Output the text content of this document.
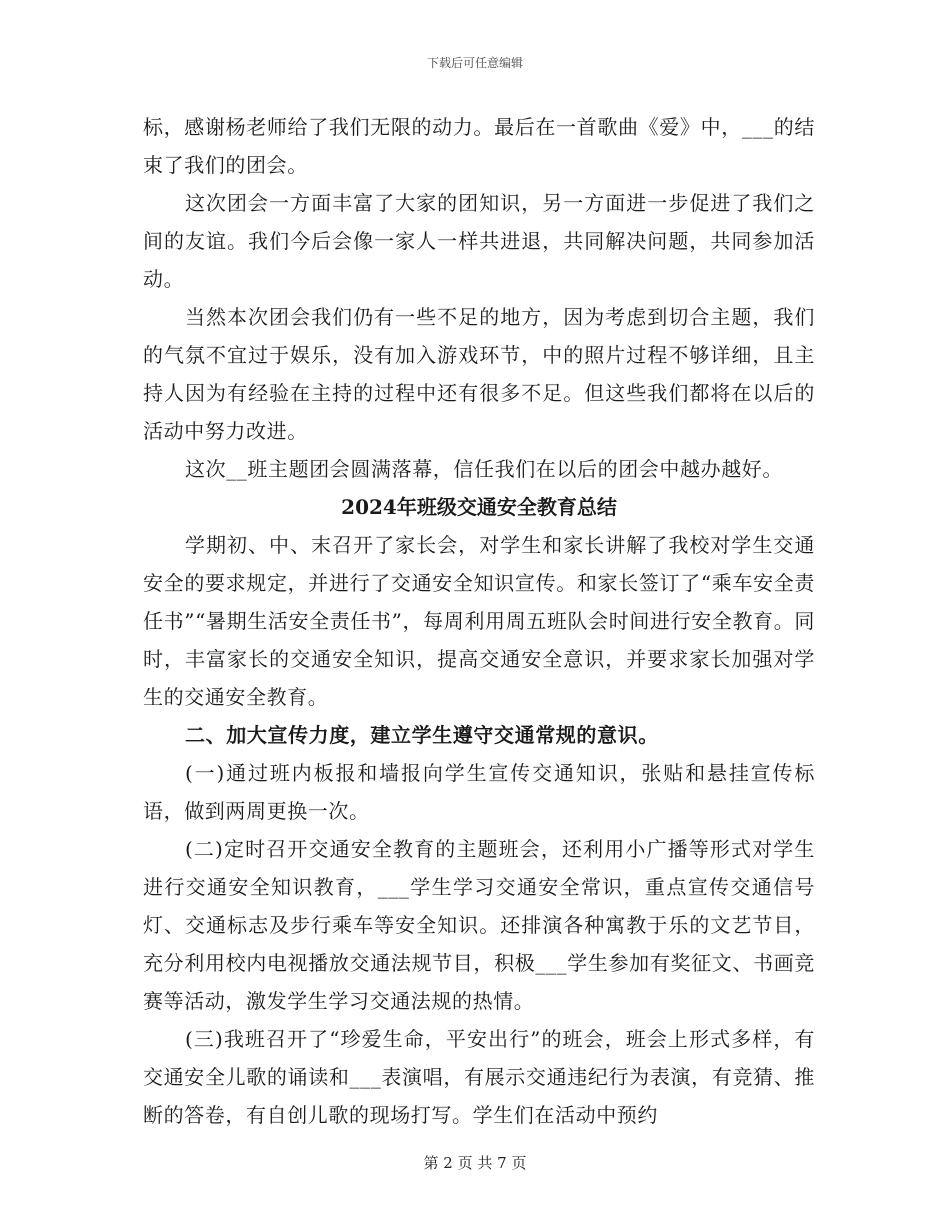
下载后可任意编辑

标，感谢杨老师给了我们无限的动力。最后在一首歌曲《爱》中，___的结束了我们的团会。

这次团会一方面丰富了大家的团知识，另一方面进一步促进了我们之间的友谊。我们今后会像一家人一样共进退，共同解决问题，共同参加活动。

当然本次团会我们仍有一些不足的地方，因为考虑到切合主题，我们的气氛不宜过于娱乐，没有加入游戏环节，中的照片过程不够详细，且主持人因为有经验在主持的过程中还有很多不足。但这些我们都将在以后的活动中努力改进。

这次__班主题团会圆满落幕，信任我们在以后的团会中越办越好。

2024年班级交通安全教育总结

学期初、中、末召开了家长会，对学生和家长讲解了我校对学生交通安全的要求规定，并进行了交通安全知识宣传。和家长签订了“乘车安全责任书”“暑期生活安全责任书”，每周利用周五班队会时间进行安全教育。同时，丰富家长的交通安全知识，提高交通安全意识，并要求家长加强对学生的交通安全教育。

二、加大宣传力度，建立学生遵守交通常规的意识。

(一)通过班内板报和墙报向学生宣传交通知识，张贴和悬挂宣传标语，做到两周更换一次。

(二)定时召开交通安全教育的主题班会，还利用小广播等形式对学生进行交通安全知识教育，___学生学习交通安全常识，重点宣传交通信号灯、交通标志及步行乘车等安全知识。还排演各种寓教于乐的文艺节目，充分利用校内电视播放交通法规节目，积极___学生参加有奖征文、书画竞赛等活动，激发学生学习交通法规的热情。

(三)我班召开了“珍爱生命，平安出行”的班会，班会上形式多样，有交通安全儿歌的诵读和___表演唱，有展示交通违纪行为表演，有竞猜、推断的答卷，有自创儿歌的现场打写。学生们在活动中预约

第 2 页 共 7 页
